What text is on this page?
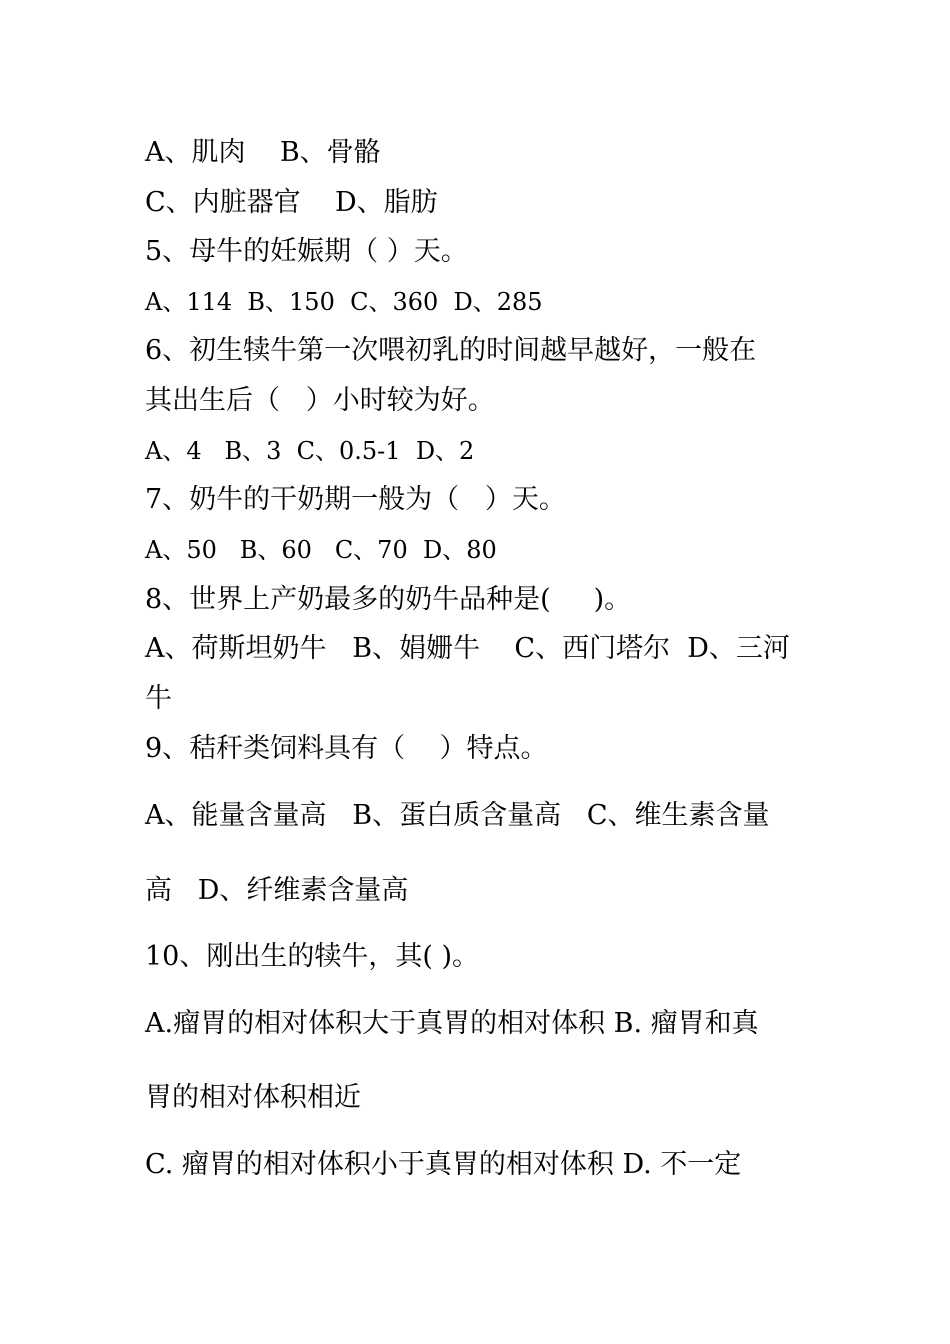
A、肌肉    B、骨骼
C、内脏器官    D、脂肪
5、母牛的妊娠期（ ）天。
A、114  B、150  C、360  D、285
6、初生犊牛第一次喂初乳的时间越早越好，一般在
其出生后（   ）小时较为好。
A、4   B、3  C、0.5-1  D、2
7、奶牛的干奶期一般为（   ）天。
A、50   B、60   C、70  D、80
8、世界上产奶最多的奶牛品种是(     )。
A、荷斯坦奶牛   B、娟姗牛    C、西门塔尔  D、三河
牛
9、秸秆类饲料具有（    ）特点。
A、能量含量高   B、蛋白质含量高   C、维生素含量
高   D、纤维素含量高
10、刚出生的犊牛，其( )。
A.瘤胃的相对体积大于真胃的相对体积 B. 瘤胃和真
胃的相对体积相近
C. 瘤胃的相对体积小于真胃的相对体积 D. 不一定
